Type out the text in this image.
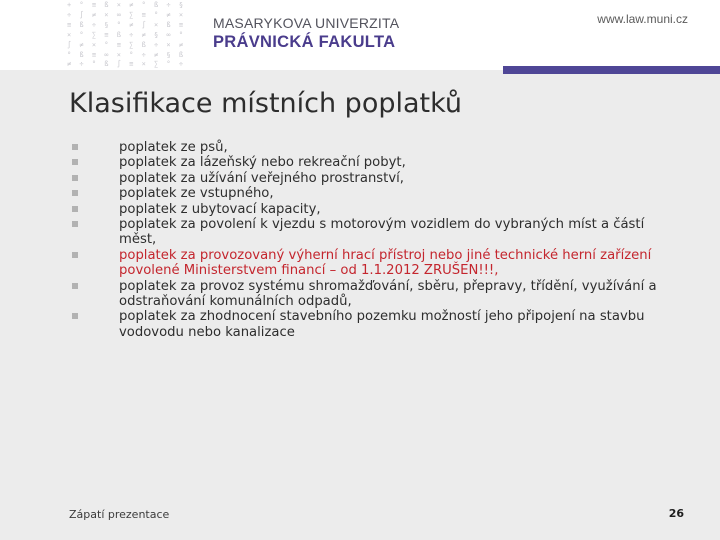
+ ° ≡ ß × ≠ ° ß ÷ §
÷ ∫ ≠ × ∞ ∑ ≡ ° ≠ ×
≡ ß ÷ § ° ≠ ∫ × ß ≡
× ° ∑ ≡ ß ÷ ≠ § ∞ °
∫ ≠ × ° ≡ ∑ ß ÷ × ≠
° ß ≡ ∞ × ° ÷ ≠ § ß
≠ ÷ ° ß ∫ ≡ × ∑ ° ÷
MASARYKOVA UNIVERZITA
PRÁVNICKÁ FAKULTA
www.law.muni.cz
Klasifikace místních poplatků
poplatek ze psů,
poplatek za lázeňský nebo rekreační pobyt,
poplatek za užívání veřejného prostranství,
poplatek ze vstupného,
poplatek z ubytovací kapacity,
poplatek za povolení k vjezdu s motorovým vozidlem do vybraných míst a částí měst,
poplatek za provozovaný výherní hrací přístroj nebo jiné technické herní zařízení povolené Ministerstvem financí – od 1.1.2012 ZRUŠEN!!!,
poplatek za provoz systému shromažďování, sběru, přepravy, třídění, využívání a odstraňování komunálních odpadů,
poplatek za zhodnocení stavebního pozemku možností jeho připojení na stavbu vodovodu nebo kanalizace
Zápatí prezentace	26
